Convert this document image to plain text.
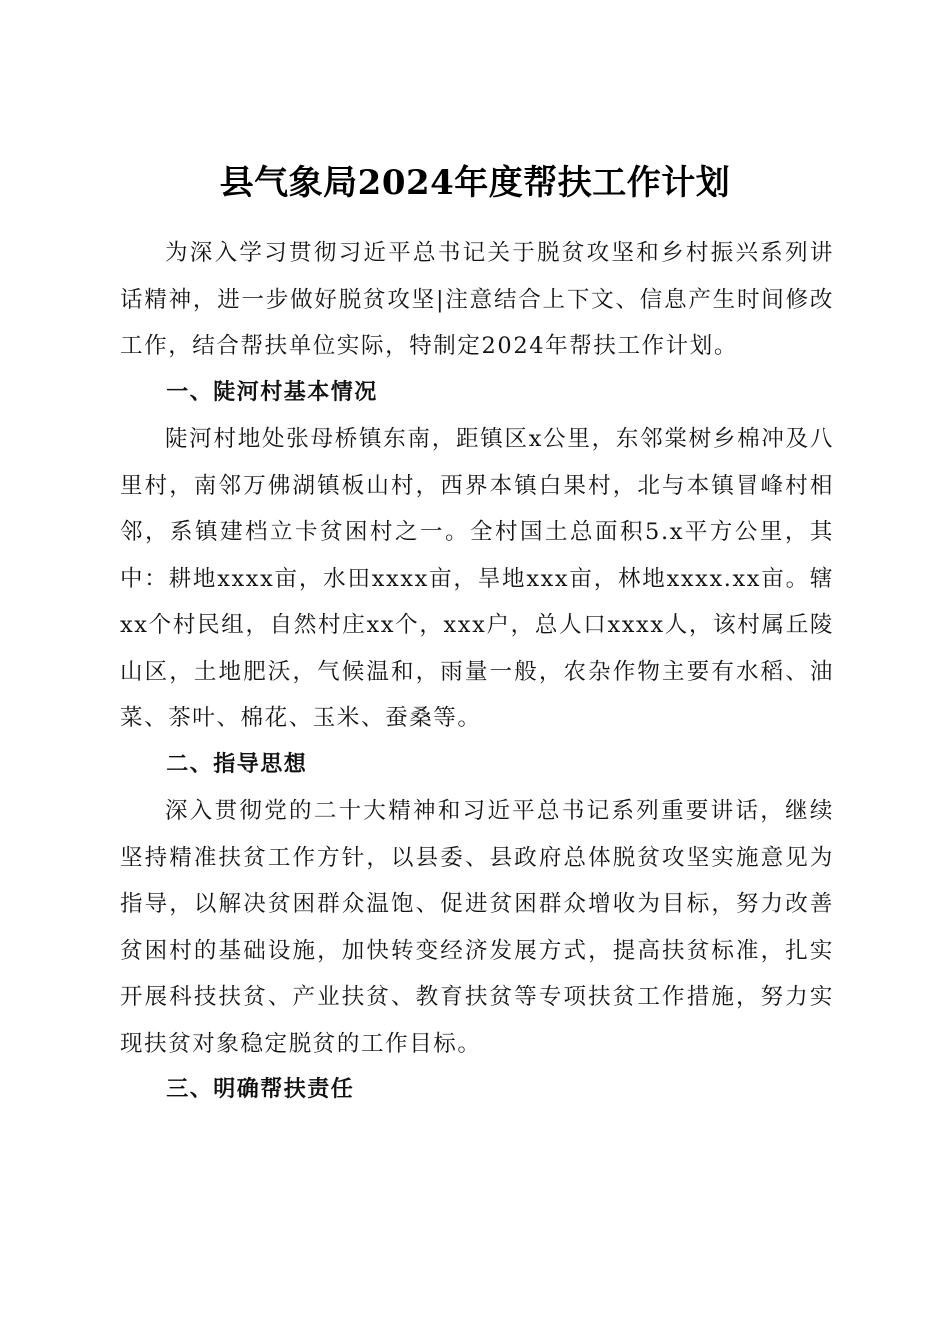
县气象局2024年度帮扶工作计划

为深入学习贯彻习近平总书记关于脱贫攻坚和乡村振兴系列讲话精神，进一步做好脱贫攻坚|注意结合上下文、信息产生时间修改工作，结合帮扶单位实际，特制定2024年帮扶工作计划。

一、陡河村基本情况

陡河村地处张母桥镇东南，距镇区x公里，东邻棠树乡棉冲及八里村，南邻万佛湖镇板山村，西界本镇白果村，北与本镇冒峰村相邻，系镇建档立卡贫困村之一。全村国土总面积5.x平方公里，其中：耕地xxxx亩，水田xxxx亩，旱地xxx亩，林地xxxx.xx亩。辖xx个村民组，自然村庄xx个，xxx户，总人口xxxx人，该村属丘陵山区，土地肥沃，气候温和，雨量一般，农杂作物主要有水稻、油菜、茶叶、棉花、玉米、蚕桑等。

二、指导思想

深入贯彻党的二十大精神和习近平总书记系列重要讲话，继续坚持精准扶贫工作方针，以县委、县政府总体脱贫攻坚实施意见为指导，以解决贫困群众温饱、促进贫困群众增收为目标，努力改善贫困村的基础设施，加快转变经济发展方式，提高扶贫标准，扎实开展科技扶贫、产业扶贫、教育扶贫等专项扶贫工作措施，努力实现扶贫对象稳定脱贫的工作目标。

三、明确帮扶责任
